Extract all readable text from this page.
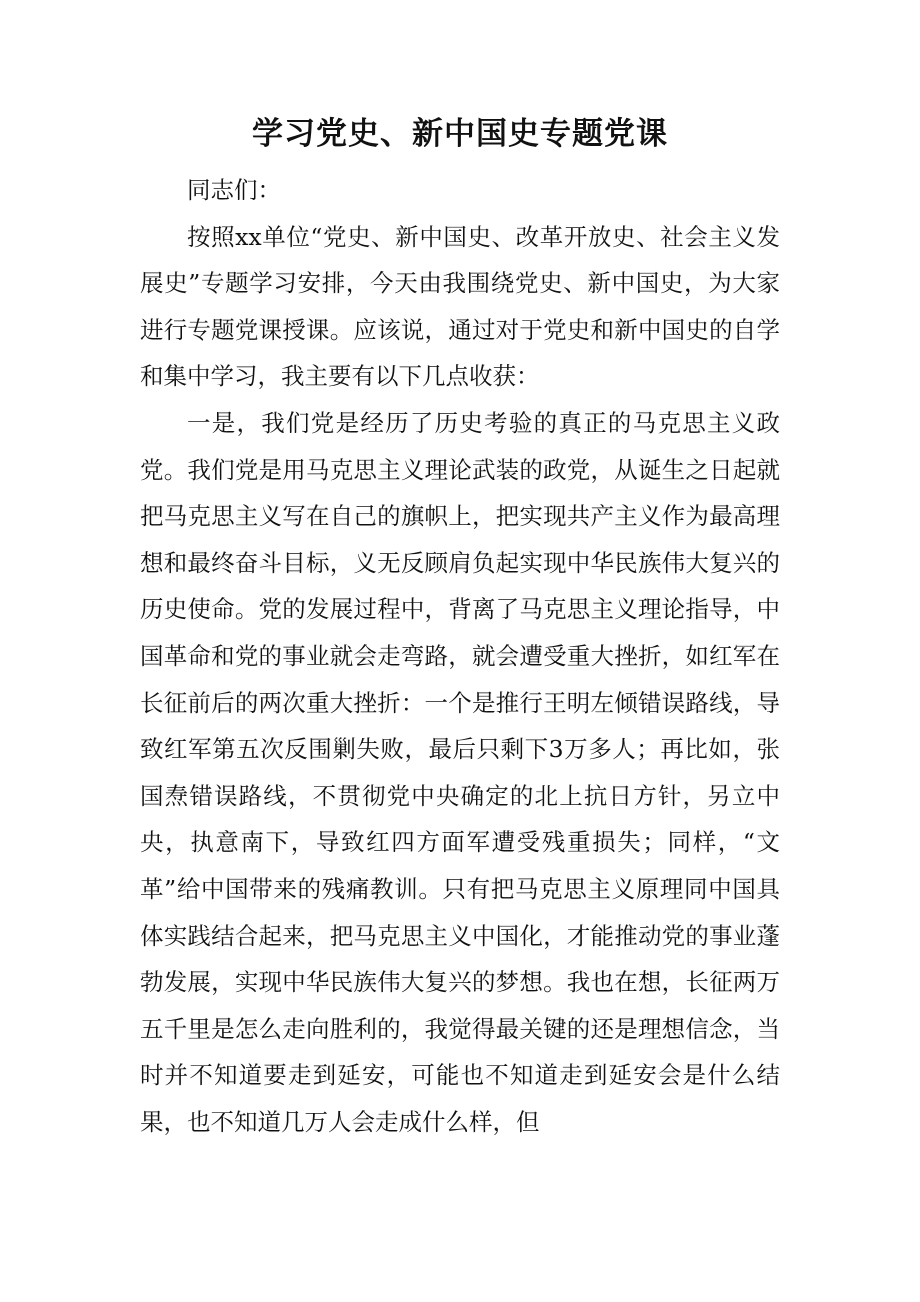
学习党史、新中国史专题党课

同志们：

按照xx单位“党史、新中国史、改革开放史、社会主义发展史”专题学习安排，今天由我围绕党史、新中国史，为大家进行专题党课授课。应该说，通过对于党史和新中国史的自学和集中学习，我主要有以下几点收获：

一是，我们党是经历了历史考验的真正的马克思主义政党。我们党是用马克思主义理论武装的政党，从诞生之日起就把马克思主义写在自己的旗帜上，把实现共产主义作为最高理想和最终奋斗目标，义无反顾肩负起实现中华民族伟大复兴的历史使命。党的发展过程中，背离了马克思主义理论指导，中国革命和党的事业就会走弯路，就会遭受重大挫折，如红军在长征前后的两次重大挫折：一个是推行王明左倾错误路线，导致红军第五次反围剿失败，最后只剩下3万多人；再比如，张国焘错误路线，不贯彻党中央确定的北上抗日方针，另立中央，执意南下，导致红四方面军遭受残重损失；同样，“文革”给中国带来的残痛教训。只有把马克思主义原理同中国具体实践结合起来，把马克思主义中国化，才能推动党的事业蓬勃发展，实现中华民族伟大复兴的梦想。我也在想，长征两万五千里是怎么走向胜利的，我觉得最关键的还是理想信念，当时并不知道要走到延安，可能也不知道走到延安会是什么结果，也不知道几万人会走成什么样，但
